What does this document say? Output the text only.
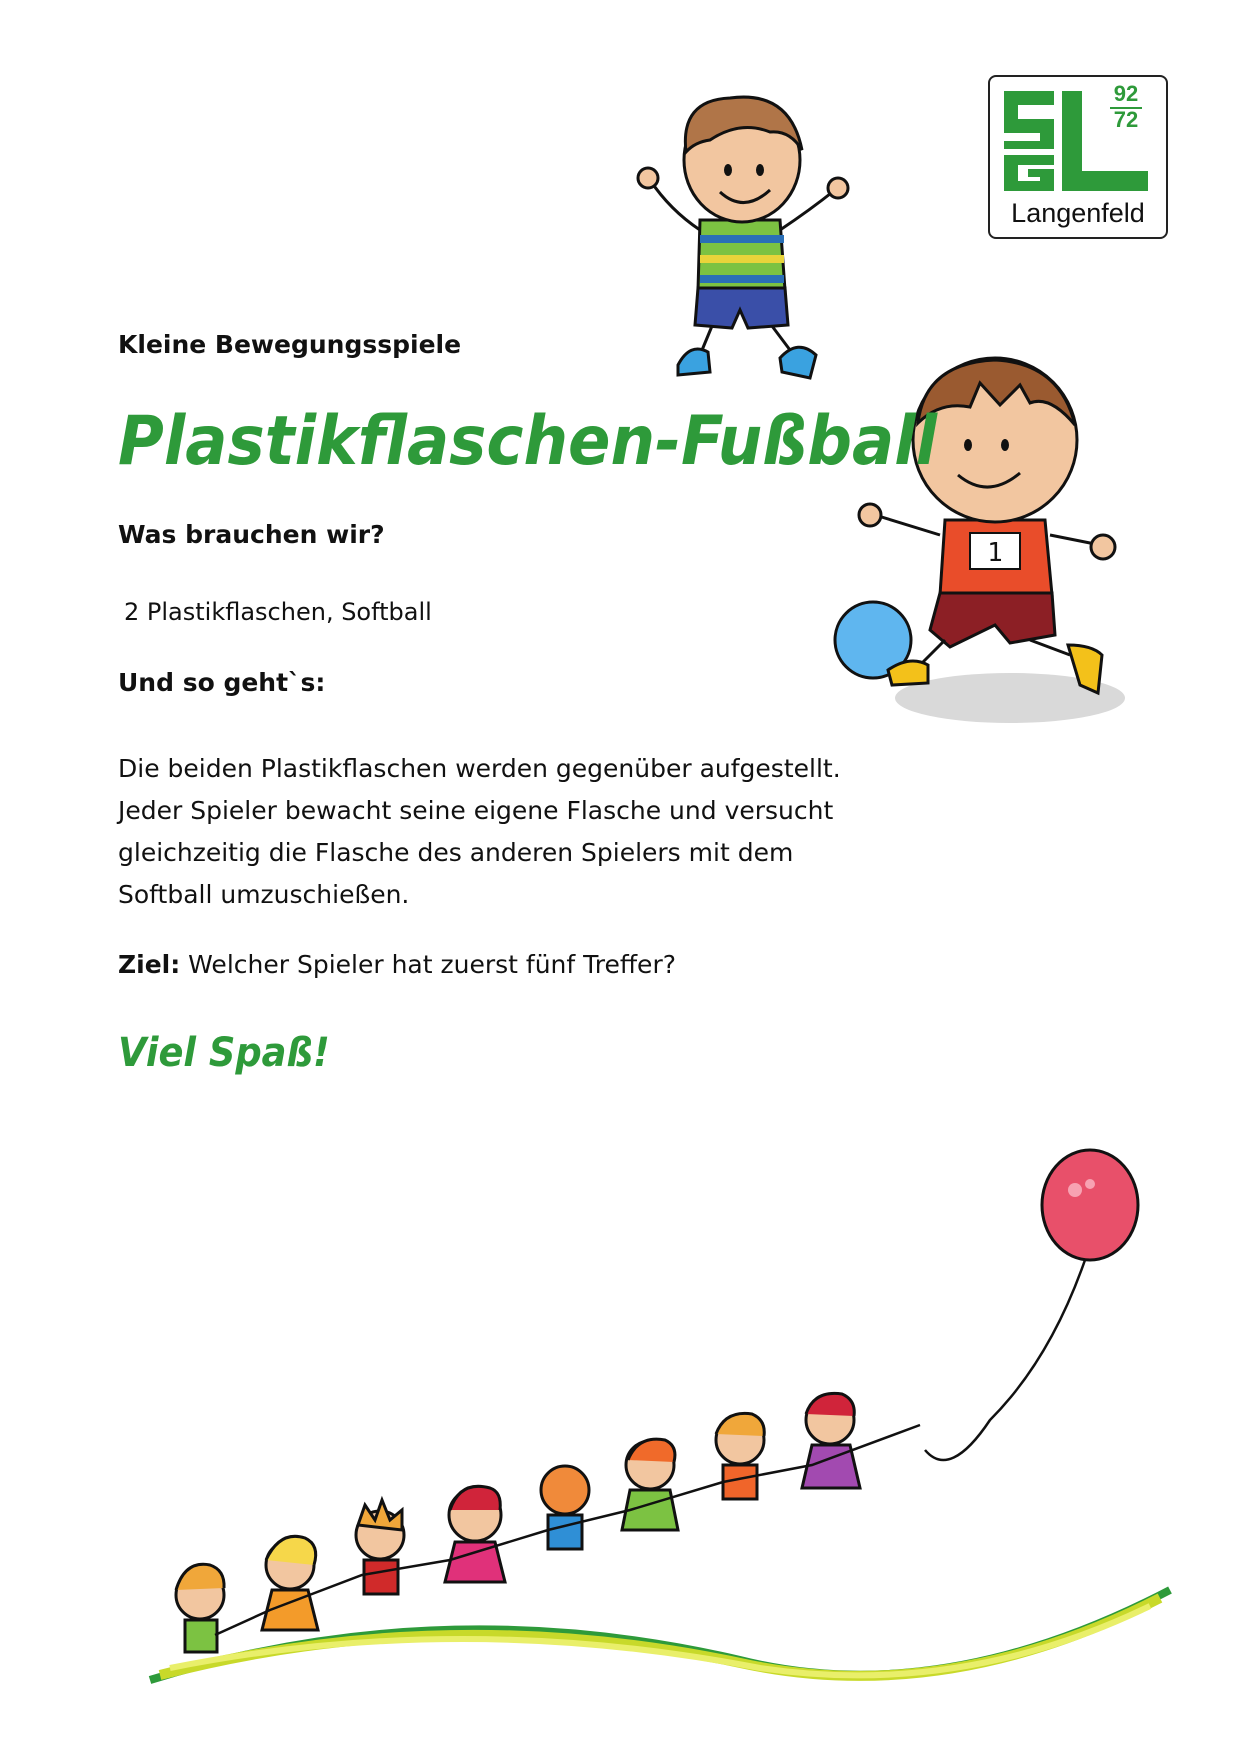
92
72
Langenfeld
1
Kleine Bewegungsspiele
Plastikflaschen-Fußball
Was brauchen wir?
2 Plastikflaschen, Softball
Und so geht`s:
Die beiden Plastikflaschen werden gegenüber aufgestellt.
Jeder Spieler bewacht seine eigene Flasche und versucht
gleichzeitig die Flasche des anderen Spielers mit dem
Softball umzuschießen.
Ziel: Welcher Spieler hat zuerst fünf Treffer?
Viel Spaß!
